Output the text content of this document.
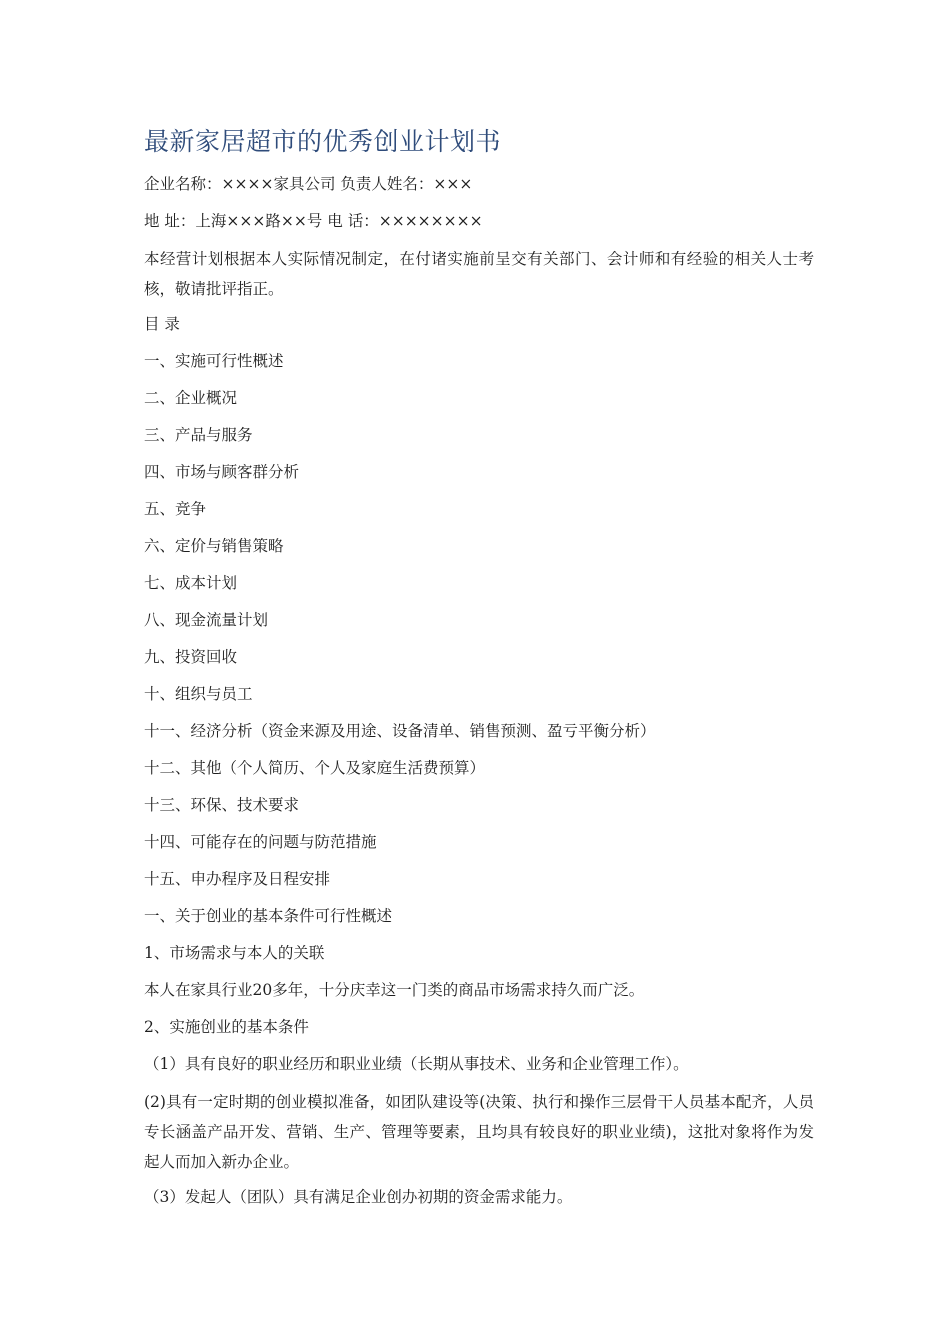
最新家居超市的优秀创业计划书

企业名称：××××家具公司 负责人姓名：×××

地 址：上海×××路××号 电 话：××××××××

本经营计划根据本人实际情况制定，在付诸实施前呈交有关部门、会计师和有经验的相关人士考核，敬请批评指正。

目 录

一、实施可行性概述

二、企业概况

三、产品与服务

四、市场与顾客群分析

五、竞争

六、定价与销售策略

七、成本计划

八、现金流量计划

九、投资回收

十、组织与员工

十一、经济分析（资金来源及用途、设备清单、销售预测、盈亏平衡分析）

十二、其他（个人简历、个人及家庭生活费预算）

十三、环保、技术要求

十四、可能存在的问题与防范措施

十五、申办程序及日程安排

一、关于创业的基本条件可行性概述

1、市场需求与本人的关联

本人在家具行业20多年，十分庆幸这一门类的商品市场需求持久而广泛。

2、实施创业的基本条件

（1）具有良好的职业经历和职业业绩（长期从事技术、业务和企业管理工作）。

(2)具有一定时期的创业模拟准备，如团队建设等(决策、执行和操作三层骨干人员基本配齐，人员专长涵盖产品开发、营销、生产、管理等要素，且均具有较良好的职业业绩)，这批对象将作为发起人而加入新办企业。

（3）发起人（团队）具有满足企业创办初期的资金需求能力。
